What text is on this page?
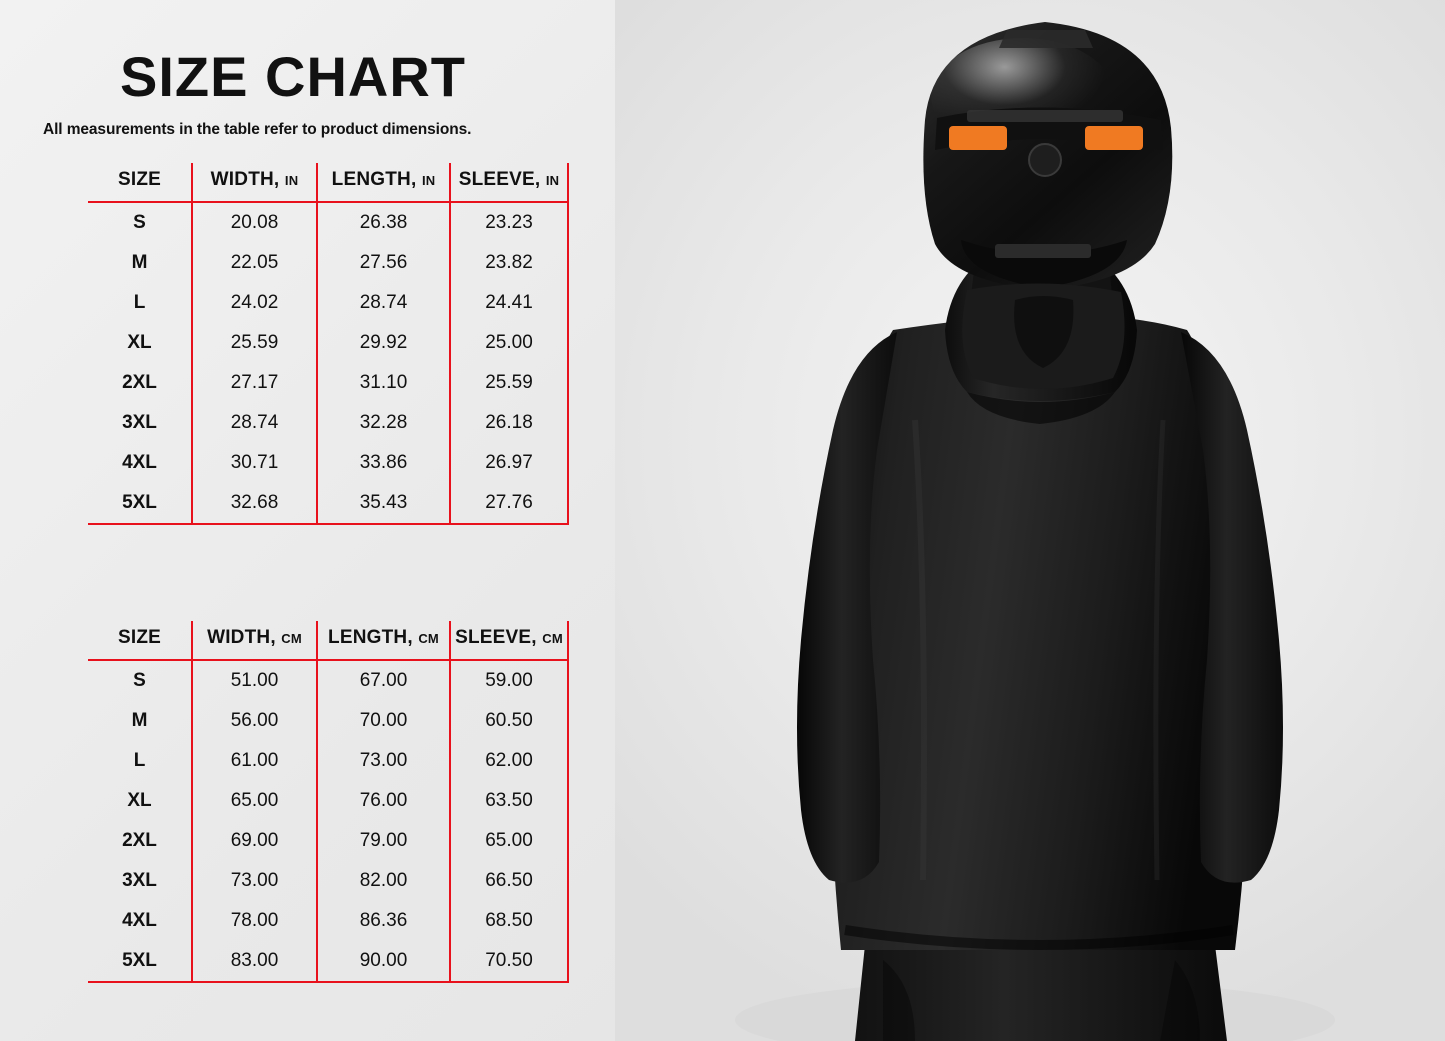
SIZE CHART
All measurements in the table refer to product dimensions.
SIZE	WIDTH, IN	LENGTH, IN	SLEEVE, IN
S	20.08	26.38	23.23
M	22.05	27.56	23.82
L	24.02	28.74	24.41
XL	25.59	29.92	25.00
2XL	27.17	31.10	25.59
3XL	28.74	32.28	26.18
4XL	30.71	33.86	26.97
5XL	32.68	35.43	27.76
SIZE	WIDTH, CM	LENGTH, CM	SLEEVE, CM
S	51.00	67.00	59.00
M	56.00	70.00	60.50
L	61.00	73.00	62.00
XL	65.00	76.00	63.50
2XL	69.00	79.00	65.00
3XL	73.00	82.00	66.50
4XL	78.00	86.36	68.50
5XL	83.00	90.00	70.50
